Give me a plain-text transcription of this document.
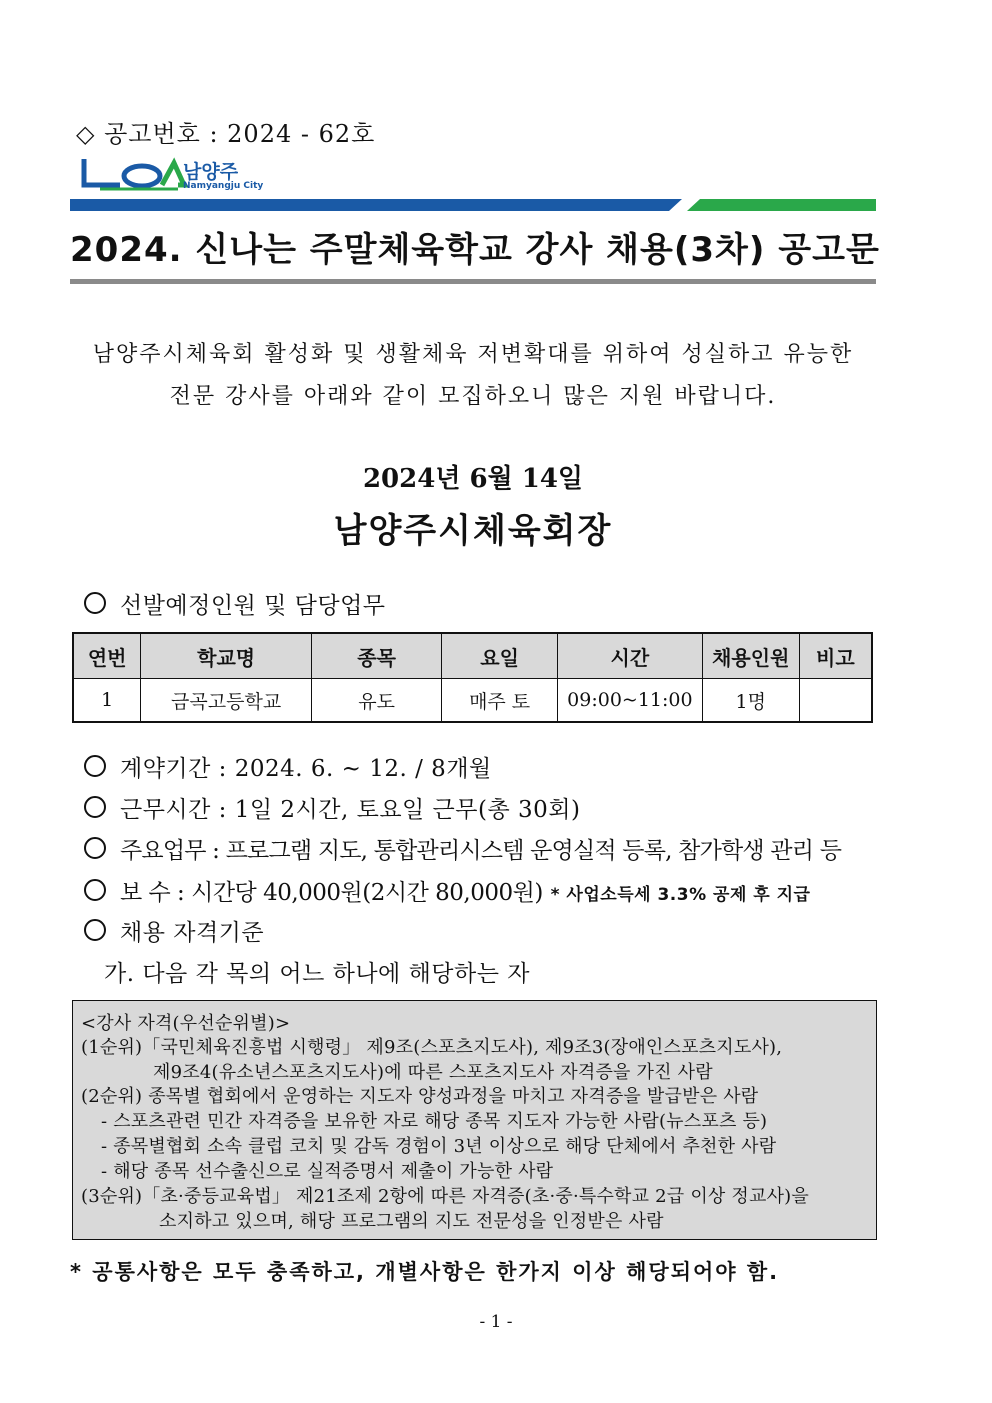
◇ 공고번호 : 2024 - 62호
남양주
Namyangju City
2024. 신나는 주말체육학교 강사 채용(3차) 공고문
남양주시체육회 활성화 및 생활체육 저변확대를 위하여 성실하고 유능한
전문 강사를 아래와 같이 모집하오니 많은 지원 바랍니다.
2024년 6월 14일
남양주시체육회장
선발예정인원 및 담당업무
연번	학교명	종목	요일	시간	채용인원	비고
1	금곡고등학교	유도	매주 토	09:00~11:00	1명	
계약기간 : 2024. 6. ~ 12. / 8개월
근무시간 : 1일 2시간, 토요일 근무(총 30회)
주요업무 : 프로그램 지도, 통합관리시스템 운영실적 등록, 참가학생 관리 등
보 수 : 시간당 40,000원(2시간 80,000원) * 사업소득세 3.3% 공제 후 지급
채용 자격기준
가. 다음 각 목의 어느 하나에 해당하는 자
<강사 자격(우선순위별)>
(1순위)「국민체육진흥법 시행령」 제9조(스포츠지도사), 제9조3(장애인스포츠지도사),
제9조4(유소년스포츠지도사)에 따른 스포츠지도사 자격증을 가진 사람
(2순위) 종목별 협회에서 운영하는 지도자 양성과정을 마치고 자격증을 발급받은 사람
- 스포츠관련 민간 자격증을 보유한 자로 해당 종목 지도자 가능한 사람(뉴스포츠 등)
- 종목별협회 소속 클럽 코치 및 감독 경험이 3년 이상으로 해당 단체에서 추천한 사람
- 해당 종목 선수출신으로 실적증명서 제출이 가능한 사람
(3순위)「초·중등교육법」 제21조제 2항에 따른 자격증(초·중·특수학교 2급 이상 정교사)을
소지하고 있으며, 해당 프로그램의 지도 전문성을 인정받은 사람
* 공통사항은 모두 충족하고, 개별사항은 한가지 이상 해당되어야 함.
- 1 -
